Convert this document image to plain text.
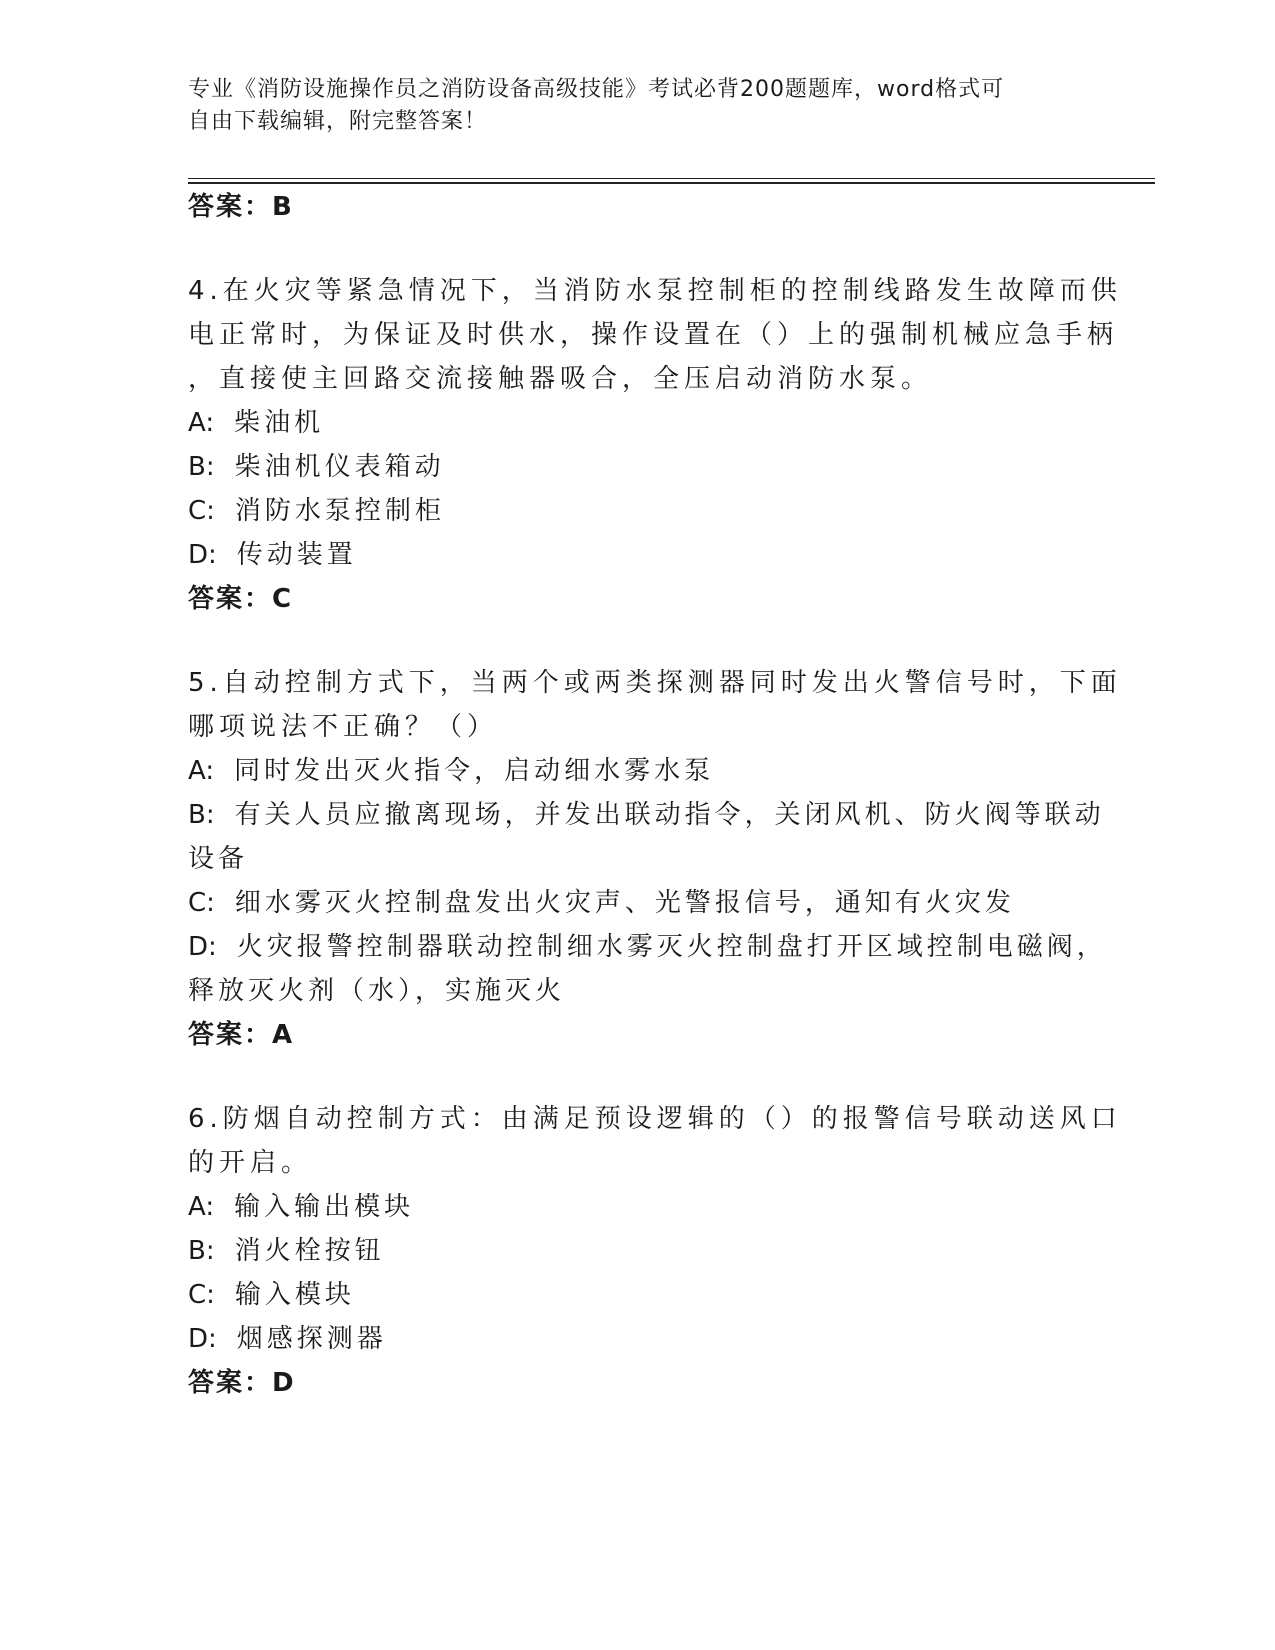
专业《消防设施操作员之消防设备高级技能》考试必背200题题库，word格式可
自由下载编辑，附完整答案！
答案：B
4.在火灾等紧急情况下，当消防水泵控制柜的控制线路发生故障而供
电正常时，为保证及时供水，操作设置在（）上的强制机械应急手柄
，直接使主回路交流接触器吸合，全压启动消防水泵。
A: 柴油机
B: 柴油机仪表箱动
C: 消防水泵控制柜
D: 传动装置
答案：C
5.自动控制方式下，当两个或两类探测器同时发出火警信号时，下面
哪项说法不正确？（）
A: 同时发出灭火指令，启动细水雾水泵
B: 有关人员应撤离现场，并发出联动指令，关闭风机、防火阀等联动
设备
C: 细水雾灭火控制盘发出火灾声、光警报信号，通知有火灾发
D: 火灾报警控制器联动控制细水雾灭火控制盘打开区域控制电磁阀，
释放灭火剂（水），实施灭火
答案：A
6.防烟自动控制方式：由满足预设逻辑的（）的报警信号联动送风口
的开启。
A: 输入输出模块
B: 消火栓按钮
C: 输入模块
D: 烟感探测器
答案：D
